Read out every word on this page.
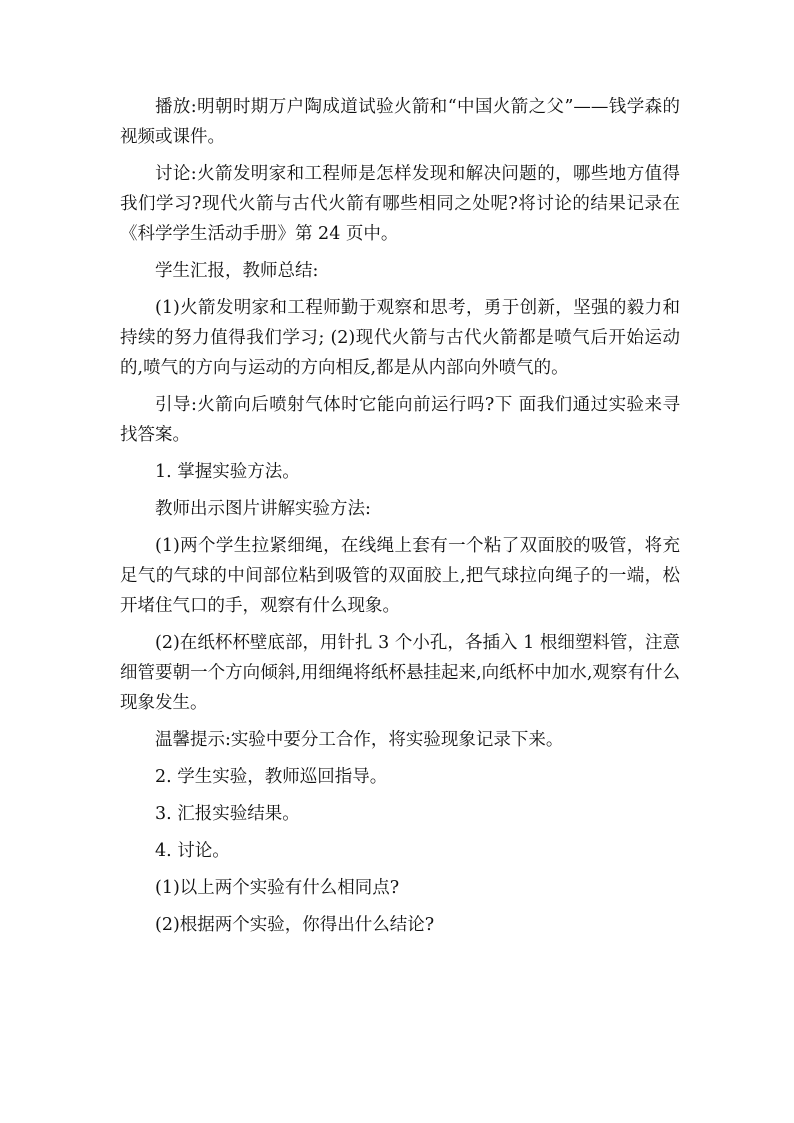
播放:明朝时期万户陶成道试验火箭和“中国火箭之父”——钱学森的视频或课件。

讨论:火箭发明家和工程师是怎样发现和解决问题的，哪些地方值得我们学习?现代火箭与古代火箭有哪些相同之处呢?将讨论的结果记录在《科学学生活动手册》第 24 页中。

学生汇报，教师总结:

(1)火箭发明家和工程师勤于观察和思考，勇于创新，坚强的毅力和持续的努力值得我们学习; (2)现代火箭与古代火箭都是喷气后开始运动的,喷气的方向与运动的方向相反,都是从内部向外喷气的。

引导:火箭向后喷射气体时它能向前运行吗?下 面我们通过实验来寻找答案。

1. 掌握实验方法。

教师出示图片讲解实验方法:

(1)两个学生拉紧细绳，在线绳上套有一个粘了双面胶的吸管，将充足气的气球的中间部位粘到吸管的双面胶上,把气球拉向绳子的一端，松开堵住气口的手，观察有什么现象。

(2)在纸杯杯壁底部，用针扎 3 个小孔，各插入 1 根细塑料管，注意细管要朝一个方向倾斜,用细绳将纸杯悬挂起来,向纸杯中加水,观察有什么现象发生。

温馨提示:实验中要分工合作，将实验现象记录下来。

2. 学生实验，教师巡回指导。

3. 汇报实验结果。

4. 讨论。

(1)以上两个实验有什么相同点?

(2)根据两个实验，你得出什么结论?
